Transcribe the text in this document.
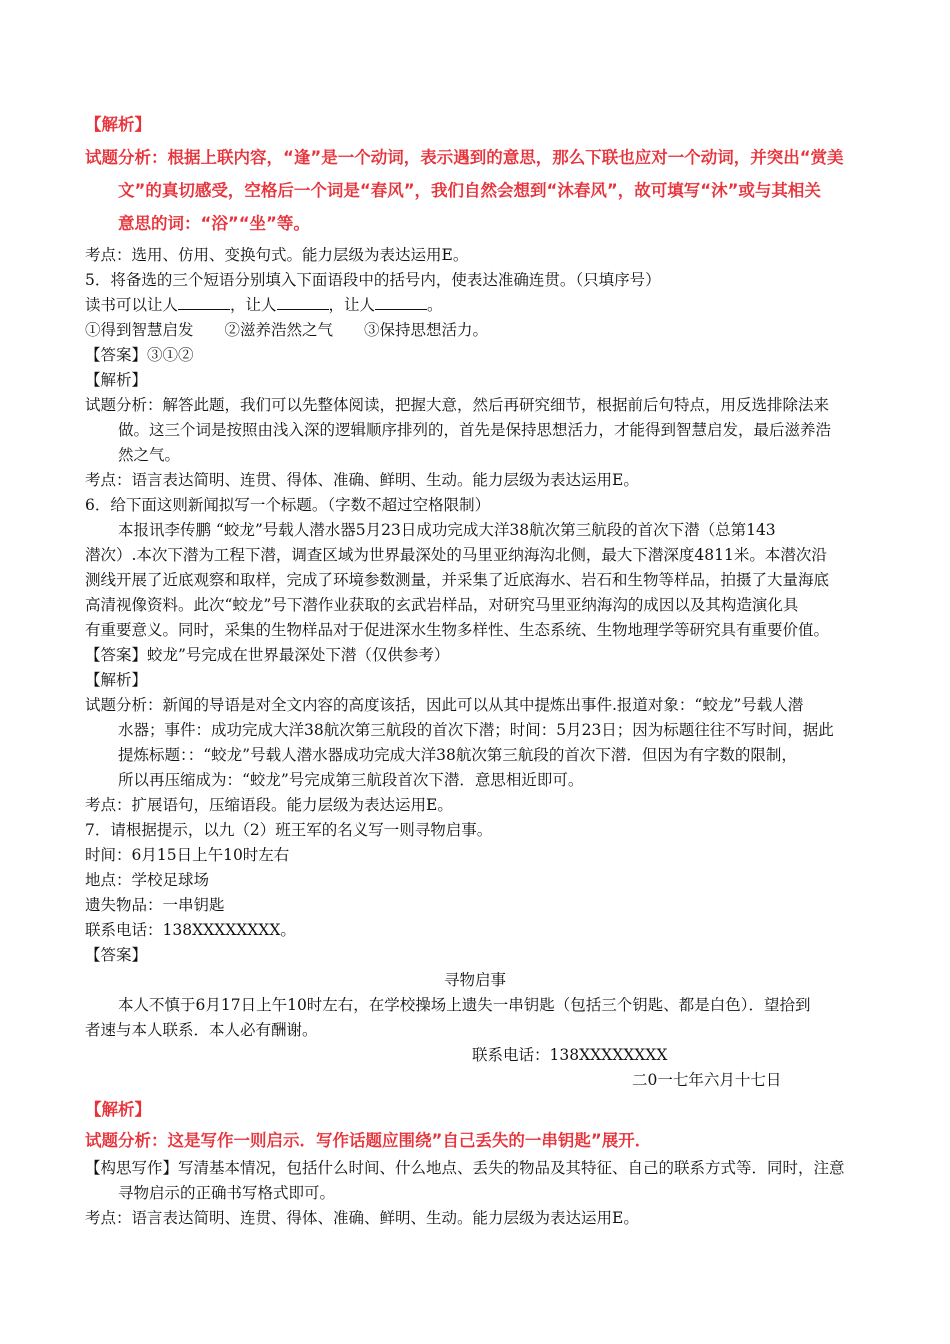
【解析】
试题分析：根据上联内容，“逢”是一个动词，表示遇到的意思，那么下联也应对一个动词，并突出“赏美
文”的真切感受，空格后一个词是“春风”，我们自然会想到“沐春风”，故可填写“沐”或与其相关
意思的词：“浴”“坐”等。
考点：选用、仿用、变换句式。能力层级为表达运用E。
5．将备选的三个短语分别填入下面语段中的括号内，使表达准确连贯。（只填序号）
读书可以让人	，让人	，让人	。
①得到智慧启发　　②滋养浩然之气　　③保持思想活力。
【答案】③①②
【解析】
试题分析：解答此题，我们可以先整体阅读，把握大意，然后再研究细节，根据前后句特点，用反选排除法来
做。这三个词是按照由浅入深的逻辑顺序排列的，首先是保持思想活力，才能得到智慧启发，最后滋养浩
然之气。
考点：语言表达简明、连贯、得体、准确、鲜明、生动。能力层级为表达运用E。
6．给下面这则新闻拟写一个标题。（字数不超过空格限制）
本报讯李传鹏 “蛟龙”号载人潜水器5月23日成功完成大洋38航次第三航段的首次下潜（总第143
潜次）.本次下潜为工程下潜，调查区域为世界最深处的马里亚纳海沟北侧，最大下潜深度4811米。本潜次沿
测线开展了近底观察和取样，完成了环境参数测量，并采集了近底海水、岩石和生物等样品，拍摄了大量海底
高清视像资料。此次“蛟龙”号下潜作业获取的玄武岩样品，对研究马里亚纳海沟的成因以及其构造演化具
有重要意义。同时，采集的生物样品对于促进深水生物多样性、生态系统、生物地理学等研究具有重要价值。
【答案】蛟龙”号完成在世界最深处下潜（仅供参考）
【解析】
试题分析：新闻的导语是对全文内容的高度该括，因此可以从其中提炼出事件.报道对象：“蛟龙”号载人潜
水器；事件：成功完成大洋38航次第三航段的首次下潜；时间：5月23日；因为标题往往不写时间，据此
提炼标题：：“蛟龙”号载人潜水器成功完成大洋38航次第三航段的首次下潜．但因为有字数的限制，
所以再压缩成为：“蛟龙”号完成第三航段首次下潜．意思相近即可。
考点：扩展语句，压缩语段。能力层级为表达运用E。
7．请根据提示，以九（2）班王军的名义写一则寻物启事。
时间：6月15日上午10时左右
地点：学校足球场
遗失物品：一串钥匙
联系电话：138XXXXXXXX。
【答案】
寻物启事
本人不慎于6月17日上午10时左右，在学校操场上遗失一串钥匙（包括三个钥匙、都是白色）．望拾到
者速与本人联系．本人必有酬谢。
联系电话：138XXXXXXXX
二0一七年六月十七日
【解析】
试题分析：这是写作一则启示．写作话题应围绕”自己丢失的一串钥匙”展开．
【构思写作】写清基本情况，包括什么时间、什么地点、丢失的物品及其特征、自己的联系方式等．同时，注意
寻物启示的正确书写格式即可。
考点：语言表达简明、连贯、得体、准确、鲜明、生动。能力层级为表达运用E。
